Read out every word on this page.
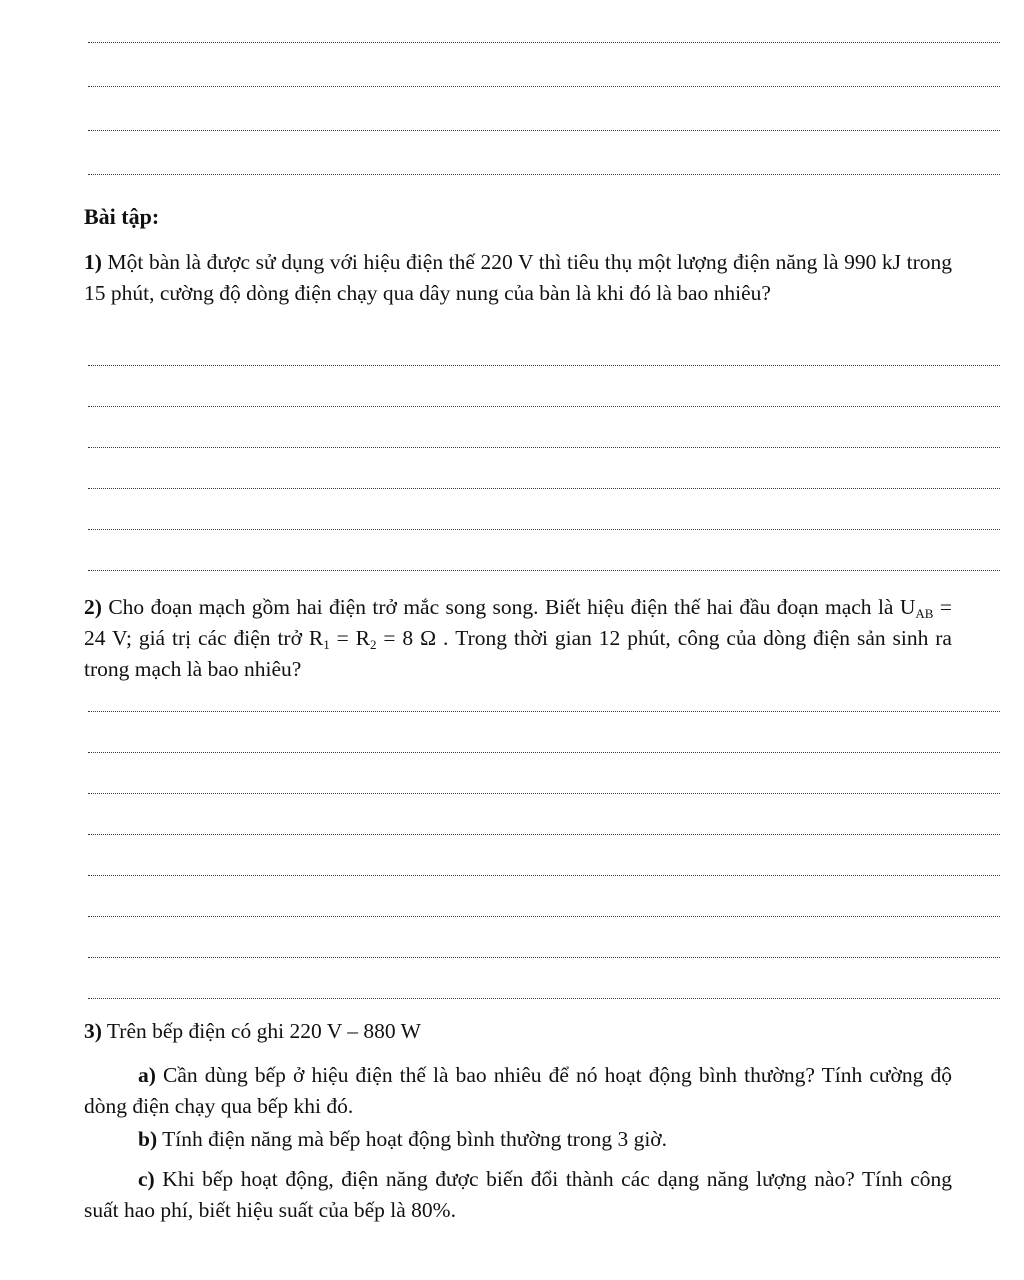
Bài tập:
1) Một bàn là được sử dụng với hiệu điện thế 220 V thì tiêu thụ một lượng điện năng là 990 kJ trong 15 phút, cường độ dòng điện chạy qua dây nung của bàn là khi đó là bao nhiêu?
2) Cho đoạn mạch gồm hai điện trở mắc song song. Biết hiệu điện thế hai đầu đoạn mạch là $U_{AB} = 24$ V; giá trị các điện trở $R_1 = R_2 = 8$ Ω . Trong thời gian 12 phút, công của dòng điện sản sinh ra trong mạch là bao nhiêu?
3) Trên bếp điện có ghi 220 V – 880 W
a) Cần dùng bếp ở hiệu điện thế là bao nhiêu để nó hoạt động bình thường? Tính cường độ dòng điện chạy qua bếp khi đó.
b) Tính điện năng mà bếp hoạt động bình thường trong 3 giờ.
c) Khi bếp hoạt động, điện năng được biến đổi thành các dạng năng lượng nào? Tính công suất hao phí, biết hiệu suất của bếp là 80%.
